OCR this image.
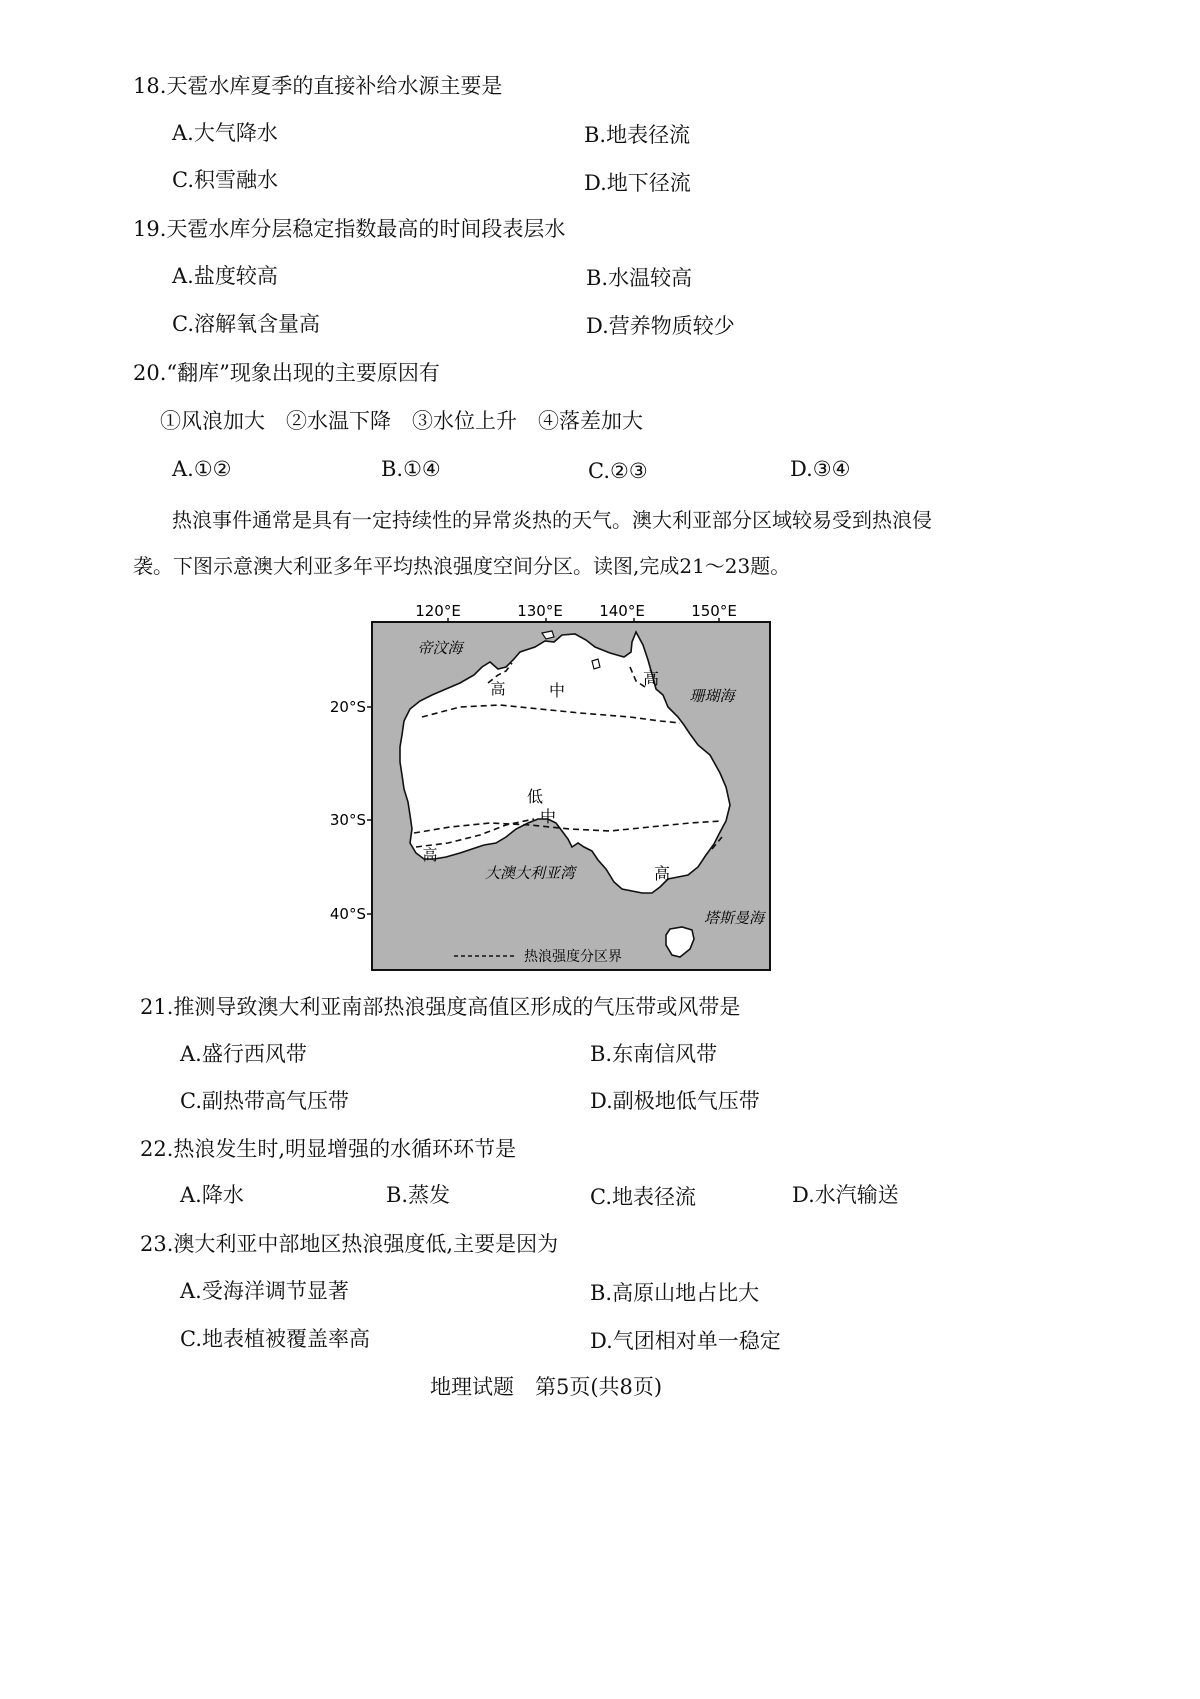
18.天雹水库夏季的直接补给水源主要是
A.大气降水	B.地表径流
C.积雪融水	D.地下径流
19.天雹水库分层稳定指数最高的时间段表层水
A.盐度较高	B.水温较高
C.溶解氧含量高	D.营养物质较少
20.“翻库”现象出现的主要原因有
①风浪加大　②水温下降　③水位上升　④落差加大
A.①②	B.①④	C.②③	D.③④
热浪事件通常是具有一定持续性的异常炎热的天气。澳大利亚部分区域较易受到热浪侵
袭。下图示意澳大利亚多年平均热浪强度空间分区。读图,完成21～23题。
120°E	130°E 140°E	150°E
20°S
30°S
40°S
帝汶海
珊瑚海
大澳大利亚湾
塔斯曼海
高	中
高
低
中
高
高
热浪强度分区界
21.推测导致澳大利亚南部热浪强度高值区形成的气压带或风带是
A.盛行西风带	B.东南信风带
C.副热带高气压带	D.副极地低气压带
22.热浪发生时,明显增强的水循环环节是
A.降水	B.蒸发	C.地表径流	D.水汽输送
23.澳大利亚中部地区热浪强度低,主要是因为
A.受海洋调节显著	B.高原山地占比大
C.地表植被覆盖率高	D.气团相对单一稳定
地理试题　第5页(共8页)
